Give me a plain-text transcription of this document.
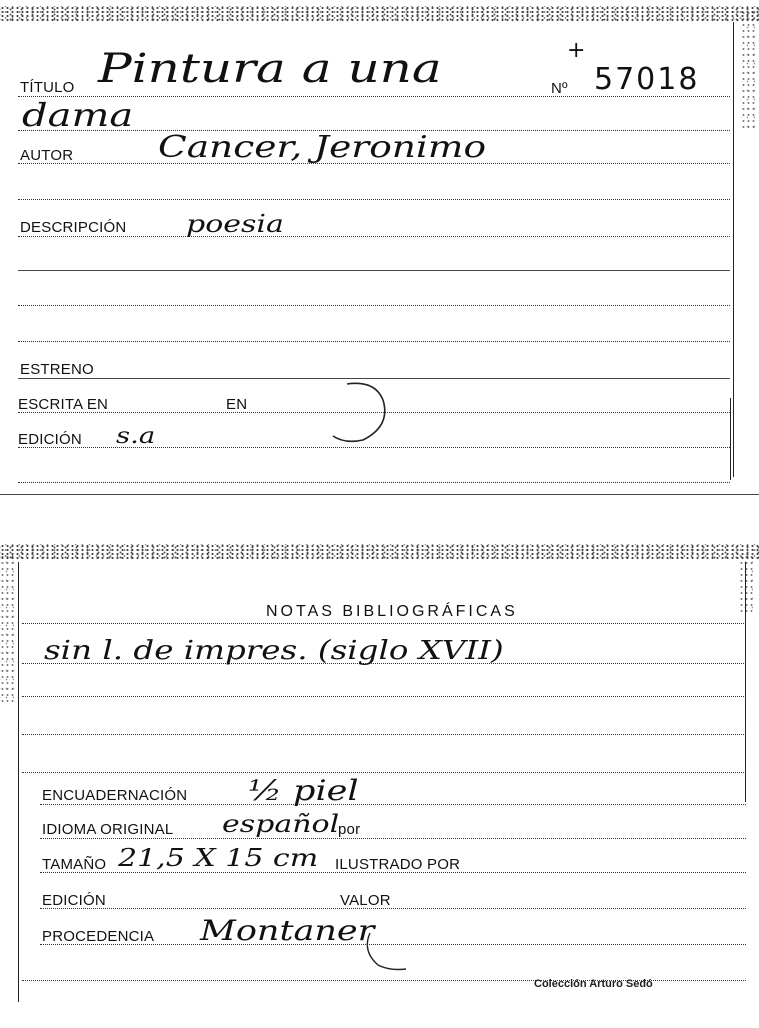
TÍTULO Pintura a una	+
Nº 57018
dama
AUTOR	Cancer, Jeronimo
DESCRIPCIÓN poesia
ESTRENO
ESCRITA EN	EN
EDICIÓN s.a
NOTAS BIBLIOGRÁFICAS
sin l. de impres. (siglo XVII)
ENCUADERNACIÓN ½ piel
IDIOMA ORIGINAL español
por
TAMAÑO 21,5 X 15 cm ILUSTRADO POR
EDICIÓN	VALOR
PROCEDENCIA Montaner
Colección Arturo Sedó
